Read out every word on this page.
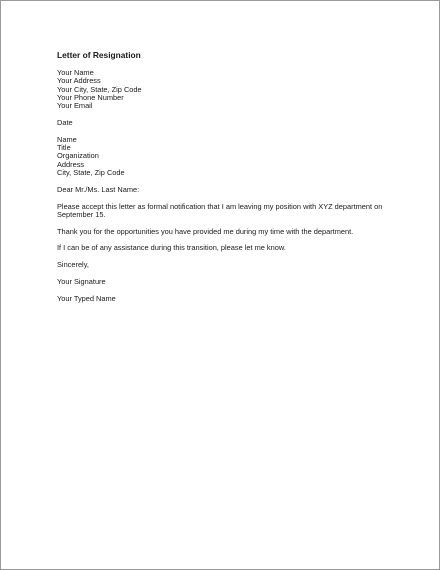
Letter of Resignation
Your Name
Your Address
Your City, State, Zip Code
Your Phone Number
Your Email
Date
Name
Title
Organization
Address
City, State, Zip Code
Dear Mr./Ms. Last Name:
Please accept this letter as formal notification that I am leaving my position with XYZ department on
September 15.
Thank you for the opportunities you have provided me during my time with the department.
If I can be of any assistance during this transition, please let me know.
Sincerely,
Your Signature
Your Typed Name
